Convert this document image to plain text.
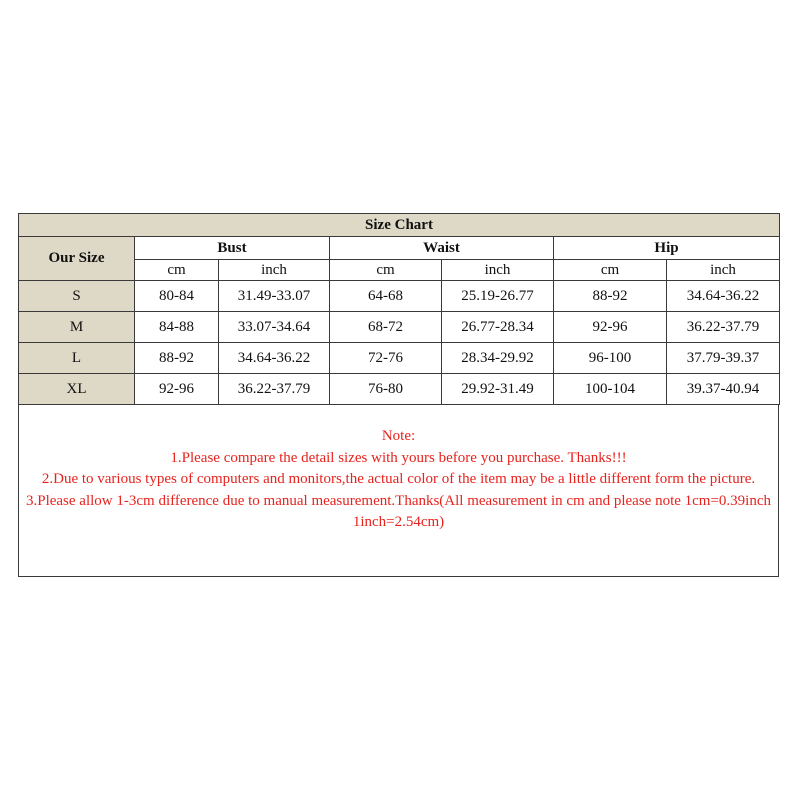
Size Chart						
Our Size	Bust		Waist		Hip	
	cm	inch	cm	inch	cm	inch
S	80-84	31.49-33.07	64-68	25.19-26.77	88-92	34.64-36.22
M	84-88	33.07-34.64	68-72	26.77-28.34	92-96	36.22-37.79
L	88-92	34.64-36.22	72-76	28.34-29.92	96-100	37.79-39.37
XL	92-96	36.22-37.79	76-80	29.92-31.49	100-104	39.37-40.94
Note:
1.Please compare the detail sizes with yours before you purchase. Thanks!!!
2.Due to various types of computers and monitors,the actual color of the item may be a little different form the picture.
3.Please allow 1-3cm difference due to manual measurement.Thanks(All measurement in cm and please note 1cm=0.39inch 1inch=2.54cm)
